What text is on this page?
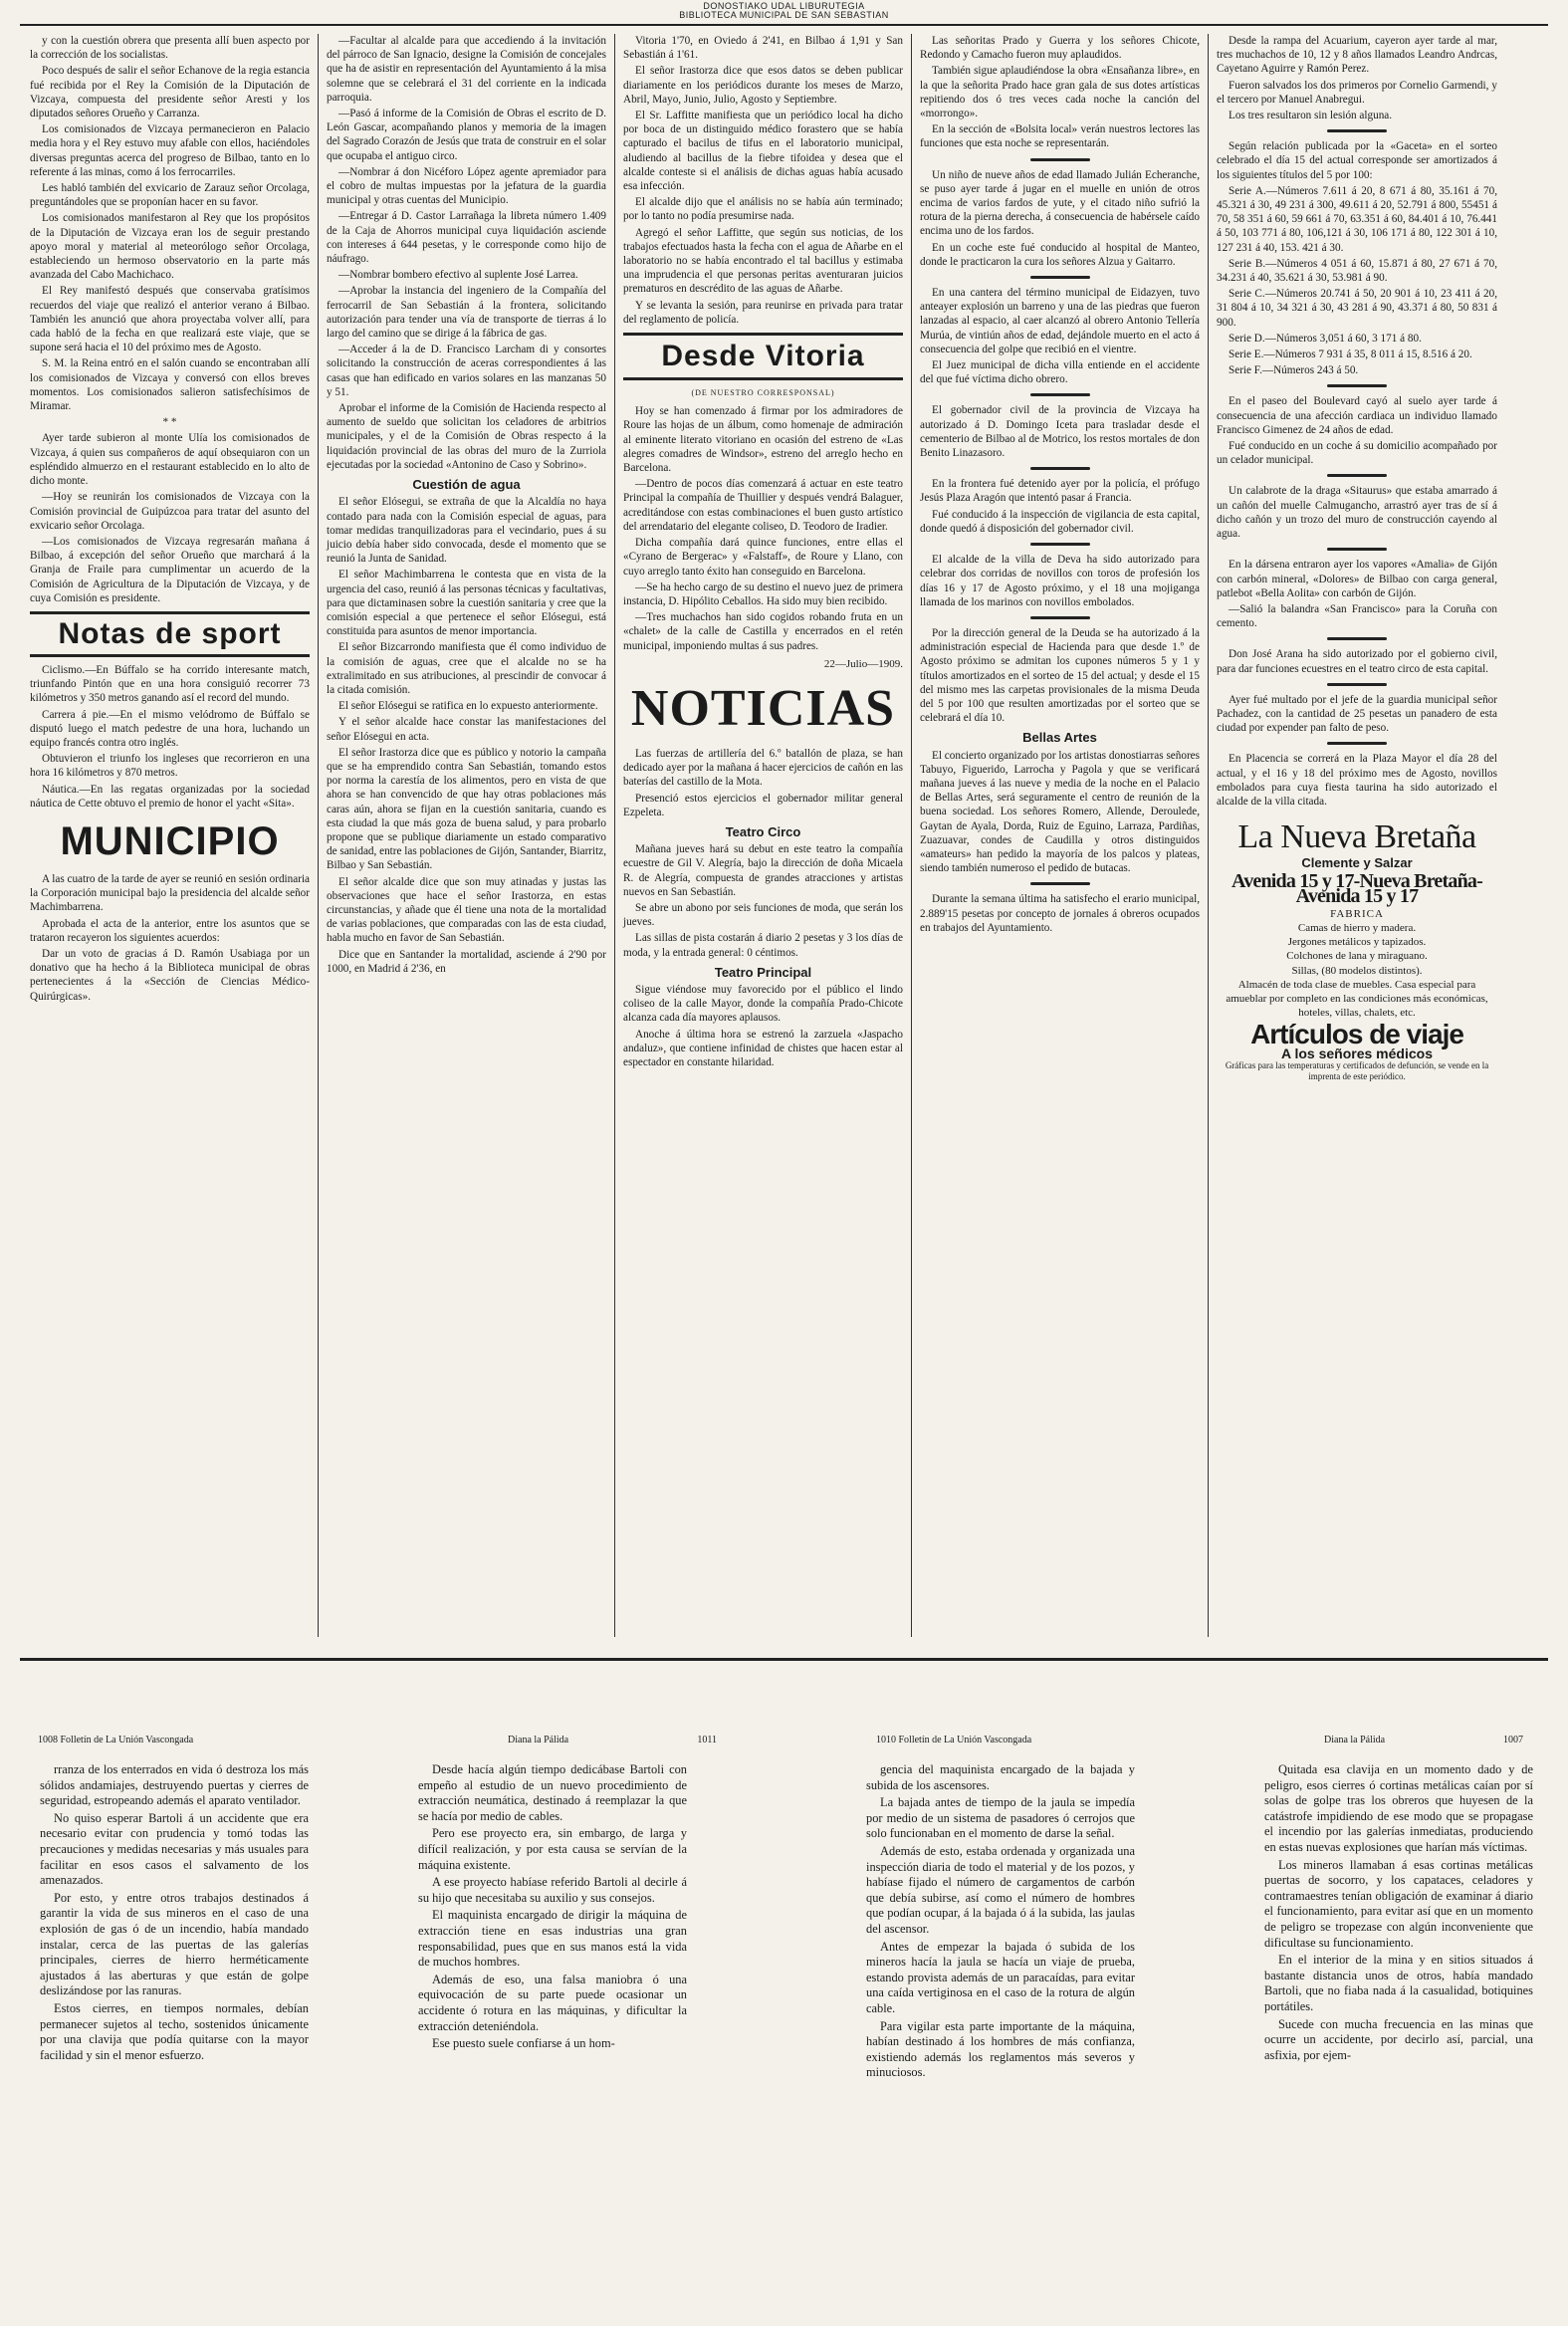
DONOSTIAKO UDAL LIBURUTEGIA
BIBLIOTECA MUNICIPAL DE SAN SEBASTIAN

y con la cuestión obrera que presenta allí buen aspecto por la corrección de los socialistas.

Poco después de salir el señor Echanove de la regia estancia fué recibida por el Rey la Comisión de la Diputación de Vizcaya, compuesta del presidente señor Aresti y los diputados señores Orueño y Carranza.

Los comisionados de Vizcaya permanecieron en Palacio media hora y el Rey estuvo muy afable con ellos, haciéndoles diversas preguntas acerca del progreso de Bilbao, tanto en lo referente á las minas, como á los ferrocarriles.

Les habló también del exvicario de Zarauz señor Orcolaga, preguntándoles que se proponían hacer en su favor.

Los comisionados manifestaron al Rey que los propósitos de la Diputación de Vizcaya eran los de seguir prestando apoyo moral y material al meteorólogo señor Orcolaga, estableciendo un hermoso observatorio en la parte más avanzada del Cabo Machichaco.

El Rey manifestó después que conservaba gratísimos recuerdos del viaje que realizó el anterior verano á Bilbao. También les anunció que ahora proyectaba volver allí, para cada habló de la fecha en que realizará este viaje, que se supone será hacia el 10 del próximo mes de Agosto.

S. M. la Reina entró en el salón cuando se encontraban allí los comisionados de Vizcaya y conversó con ellos breves momentos. Los comisionados salieron satisfechísimos de Miramar.

* *

Ayer tarde subieron al monte Ulía los comisionados de Vizcaya, á quien sus compañeros de aquí obsequiaron con un espléndido almuerzo en el restaurant establecido en lo alto de dicho monte.

—Hoy se reunirán los comisionados de Vizcaya con la Comisión provincial de Guipúzcoa para tratar del asunto del exvicario señor Orcolaga.

—Los comisionados de Vizcaya regresarán mañana á Bilbao, á excepción del señor Orueño que marchará á la Granja de Fraile para cumplimentar un acuerdo de la Comisión de Agricultura de la Diputación de Vizcaya, y de cuya Comisión es presidente.

Notas de sport

Ciclismo.—En Búffalo se ha corrido interesante match, triunfando Pintón que en una hora consiguió recorrer 73 kilómetros y 350 metros ganando así el record del mundo.

Carrera á pie.—En el mismo velódromo de Búffalo se disputó luego el match pedestre de una hora, luchando un equipo francés contra otro inglés.

Obtuvieron el triunfo los ingleses que recorrieron en una hora 16 kilómetros y 870 metros.

Náutica.—En las regatas organizadas por la sociedad náutica de Cette obtuvo el premio de honor el yacht «Sita».

MUNICIPIO

A las cuatro de la tarde de ayer se reunió en sesión ordinaria la Corporación municipal bajo la presidencia del alcalde señor Machimbarrena.

Aprobada el acta de la anterior, entre los asuntos que se trataron recayeron los siguientes acuerdos:

Dar un voto de gracias á D. Ramón Usabiaga por un donativo que ha hecho á la Biblioteca municipal de obras pertenecientes á la «Sección de Ciencias Médico-Quirúrgicas».

—Facultar al alcalde para que accediendo á la invitación del párroco de San Ignacio, designe la Comisión de concejales que ha de asistir en representación del Ayuntamiento á la misa solemne que se celebrará el 31 del corriente en la indicada parroquia.

—Pasó á informe de la Comisión de Obras el escrito de D. León Gascar, acompañando planos y memoria de la imagen del Sagrado Corazón de Jesús que trata de construir en el solar que ocupaba el antiguo circo.

—Nombrar á don Nicéforo López agente apremiador para el cobro de multas impuestas por la jefatura de la guardia municipal y otras cuentas del Municipio.

—Entregar á D. Castor Larrañaga la libreta número 1.409 de la Caja de Ahorros municipal cuya liquidación asciende con intereses á 644 pesetas, y le corresponde como hijo de náufrago.

—Nombrar bombero efectivo al suplente José Larrea.

—Aprobar la instancia del ingeniero de la Compañía del ferrocarril de San Sebastián á la frontera, solicitando autorización para tender una vía de transporte de tierras á lo largo del camino que se dirige á la fábrica de gas.

—Acceder á la de D. Francisco Larcham di y consortes solicitando la construcción de aceras correspondientes á las casas que han edificado en varios solares en las manzanas 50 y 51.

Aprobar el informe de la Comisión de Hacienda respecto al aumento de sueldo que solicitan los celadores de arbitrios municipales, y el de la Comisión de Obras respecto á la liquidación provincial de las obras del muro de la Zurriola ejecutadas por la sociedad «Antonino de Caso y Sobrino».

Cuestión de agua

El señor Elósegui, se extraña de que la Alcaldía no haya contado para nada con la Comisión especial de aguas, para tomar medidas tranquilizadoras para el vecindario, pues á su juicio debía haber sido convocada, desde el momento que se reunió la Junta de Sanidad.

El señor Machimbarrena le contesta que en vista de la urgencia del caso, reunió á las personas técnicas y facultativas, para que dictaminasen sobre la cuestión sanitaria y cree que la comisión especial a que pertenece el señor Elósegui, está constituida para asuntos de menor importancia.

El señor Bizcarrondo manifiesta que él como individuo de la comisión de aguas, cree que el alcalde no se ha extralimitado en sus atribuciones, al prescindir de convocar á la citada comisión.

El señor Elósegui se ratifica en lo expuesto anteriormente.

Y el señor alcalde hace constar las manifestaciones del señor Elósegui en acta.

El señor Irastorza dice que es público y notorio la campaña que se ha emprendido contra San Sebastián, tomando estos por norma la carestía de los alimentos, pero en vista de que ahora se han convencido de que hay otras poblaciones más caras aún, ahora se fijan en la cuestión sanitaria, cuando es esta ciudad la que más goza de buena salud, y para probarlo propone que se publique diariamente un estado comparativo de sanidad, entre las poblaciones de Gijón, Santander, Biarritz, Bilbao y San Sebastián.

El señor alcalde dice que son muy atinadas y justas las observaciones que hace el señor Irastorza, en estas circunstancias, y añade que él tiene una nota de la mortalidad de varias poblaciones, que comparadas con las de esta ciudad, habla mucho en favor de San Sebastián.

Dice que en Santander la mortalidad, asciende á 2'90 por 1000, en Madrid á 2'36, en

Vitoria 1'70, en Oviedo á 2'41, en Bilbao á 1,91 y San Sebastián á 1'61.

El señor Irastorza dice que esos datos se deben publicar diariamente en los periódicos durante los meses de Marzo, Abril, Mayo, Junio, Julio, Agosto y Septiembre.

El Sr. Laffitte manifiesta que un periódico local ha dicho por boca de un distinguido médico forastero que se había capturado el bacilus de tifus en el laboratorio municipal, aludiendo al bacillus de la fiebre tifoidea y desea que el alcalde conteste si el análisis de dichas aguas había acusado esa infección.

El alcalde dijo que el análisis no se había aún terminado; por lo tanto no podía presumirse nada.

Agregó el señor Laffitte, que según sus noticias, de los trabajos efectuados hasta la fecha con el agua de Añarbe en el laboratorio no se había encontrado el tal bacillus y estimaba una imprudencia el que personas peritas aventuraran juicios prematuros en descrédito de las aguas de Añarbe.

Y se levanta la sesión, para reunirse en privada para tratar del reglamento de policía.

Desde Vitoria
(DE NUESTRO CORRESPONSAL)

Hoy se han comenzado á firmar por los admiradores de Roure las hojas de un álbum, como homenaje de admiración al eminente literato vitoriano en ocasión del estreno de «Las alegres comadres de Windsor», estreno del arreglo hecho en Barcelona.

—Dentro de pocos días comenzará á actuar en este teatro Principal la compañía de Thuillier y después vendrá Balaguer, acreditándose con estas combinaciones el buen gusto artístico del arrendatario del elegante coliseo, D. Teodoro de Iradier.

Dicha compañía dará quince funciones, entre ellas el «Cyrano de Bergerac» y «Falstaff», de Roure y Llano, con cuyo arreglo tanto éxito han conseguido en Barcelona.

—Se ha hecho cargo de su destino el nuevo juez de primera instancia, D. Hipólito Ceballos. Ha sido muy bien recibido.

—Tres muchachos han sido cogidos robando fruta en un «chalet» de la calle de Castilla y encerrados en el retén municipal, imponiendo multas á sus padres.

22—Julio—1909.
NOTICIAS

Las fuerzas de artillería del 6.º batallón de plaza, se han dedicado ayer por la mañana á hacer ejercicios de cañón en las baterías del castillo de la Mota.

Presenció estos ejercicios el gobernador militar general Ezpeleta.

Teatro Circo

Mañana jueves hará su debut en este teatro la compañía ecuestre de Gil V. Alegría, bajo la dirección de doña Micaela R. de Alegría, compuesta de grandes atracciones y artistas nuevos en San Sebastián.

Se abre un abono por seis funciones de moda, que serán los jueves.

Las sillas de pista costarán á diario 2 pesetas y 3 los días de moda, y la entrada general: 0 céntimos.

Teatro Principal

Sigue viéndose muy favorecido por el público el lindo coliseo de la calle Mayor, donde la compañía Prado-Chicote alcanza cada día mayores aplausos.

Anoche á última hora se estrenó la zarzuela «Jaspacho andaluz», que contiene infinidad de chistes que hacen estar al espectador en constante hilaridad.

Las señoritas Prado y Guerra y los señores Chicote, Redondo y Camacho fueron muy aplaudidos.

También sigue aplaudiéndose la obra «Ensañanza libre», en la que la señorita Prado hace gran gala de sus dotes artísticas repitiendo dos ó tres veces cada noche la canción del «morrongo».

En la sección de «Bolsita local» verán nuestros lectores las funciones que esta noche se representarán.

Un niño de nueve años de edad llamado Julián Echeranche, se puso ayer tarde á jugar en el muelle en unión de otros encima de varios fardos de yute, y el citado niño sufrió la rotura de la pierna derecha, á consecuencia de habérsele caído encima uno de los fardos.

En un coche este fué conducido al hospital de Manteo, donde le practicaron la cura los señores Alzua y Gaitarro.

En una cantera del término municipal de Eidazyen, tuvo anteayer explosión un barreno y una de las piedras que fueron lanzadas al espacio, al caer alcanzó al obrero Antonio Tellería Murúa, de vintiún años de edad, dejándole muerto en el acto á consecuencia del golpe que recibió en el vientre.

El Juez municipal de dicha villa entiende en el accidente del que fué víctima dicho obrero.

El gobernador civil de la provincia de Vizcaya ha autorizado á D. Domingo Iceta para trasladar desde el cementerio de Bilbao al de Motrico, los restos mortales de don Benito Linazasoro.

En la frontera fué detenido ayer por la policía, el prófugo Jesús Plaza Aragón que intentó pasar á Francia.

Fué conducido á la inspección de vigilancia de esta capital, donde quedó á disposición del gobernador civil.

El alcalde de la villa de Deva ha sido autorizado para celebrar dos corridas de novillos con toros de profesión los días 16 y 17 de Agosto próximo, y el 18 una mojiganga llamada de los marinos con novillos embolados.

Por la dirección general de la Deuda se ha autorizado á la administración especial de Hacienda para que desde 1.º de Agosto próximo se admitan los cupones números 5 y 1 y títulos amortizados en el sorteo de 15 del actual; y desde el 15 del mismo mes las carpetas provisionales de la misma Deuda del 5 por 100 que resulten amortizadas por el sorteo que se celebrará el día 10.

Bellas Artes

El concierto organizado por los artistas donostiarras señores Tabuyo, Figuerido, Larrocha y Pagola y que se verificará mañana jueves á las nueve y media de la noche en el Palacio de Bellas Artes, será seguramente el centro de reunión de la buena sociedad. Los señores Romero, Allende, Deroulede, Gaytan de Ayala, Dorda, Ruiz de Eguino, Larraza, Pardiñas, Zuazuavar, condes de Caudilla y otros distinguidos «amateurs» han pedido la mayoría de los palcos y plateas, siendo también numeroso el pedido de butacas.

Durante la semana última ha satisfecho el erario municipal, 2.889'15 pesetas por concepto de jornales á obreros ocupados en trabajos del Ayuntamiento.

Desde la rampa del Acuarium, cayeron ayer tarde al mar, tres muchachos de 10, 12 y 8 años llamados Leandro Andrcas, Cayetano Aguirre y Ramón Perez.

Fueron salvados los dos primeros por Cornelio Garmendi, y el tercero por Manuel Anabregui.

Los tres resultaron sin lesión alguna.

Según relación publicada por la «Gaceta» en el sorteo celebrado el día 15 del actual corresponde ser amortizados á los siguientes títulos del 5 por 100:

Serie A.—Números 7.611 á 20, 8 671 á 80, 35.161 á 70, 45.321 á 30, 49 231 á 300, 49.611 á 20, 52.791 á 800, 55451 á 70, 58 351 á 60, 59 661 á 70, 63.351 á 60, 84.401 á 10, 76.441 á 50, 103 771 á 80, 106,121 á 30, 106 171 á 80, 122 301 á 10, 127 231 á 40, 153. 421 á 30.

Serie B.—Números 4 051 á 60, 15.871 á 80, 27 671 á 70, 34.231 á 40, 35.621 á 30, 53.981 á 90.

Serie C.—Números 20.741 á 50, 20 901 á 10, 23 411 á 20, 31 804 á 10, 34 321 á 30, 43 281 á 90, 43.371 á 80, 50 831 á 900.

Serie D.—Números 3,051 á 60, 3 171 á 80.

Serie E.—Números 7 931 á 35, 8 011 á 15, 8.516 á 20.

Serie F.—Números 243 á 50.

En el paseo del Boulevard cayó al suelo ayer tarde á consecuencia de una afección cardiaca un individuo llamado Francisco Gimenez de 24 años de edad.

Fué conducido en un coche á su domicilio acompañado por un celador municipal.

Un calabrote de la draga «Sitaurus» que estaba amarrado á un cañón del muelle Calmugancho, arrastró ayer tras de sí á dicho cañón y un trozo del muro de construcción cayendo al agua.

En la dársena entraron ayer los vapores «Amalia» de Gijón con carbón mineral, «Dolores» de Bilbao con carga general, patlebot «Bella Aolita» con carbón de Gijón.

—Salió la balandra «San Francisco» para la Coruña con cemento.

Don José Arana ha sido autorizado por el gobierno civil, para dar funciones ecuestres en el teatro circo de esta capital.

Ayer fué multado por el jefe de la guardia municipal señor Pachadez, con la cantidad de 25 pesetas un panadero de esta ciudad por expender pan falto de peso.

En Placencia se correrá en la Plaza Mayor el día 28 del actual, y el 16 y 18 del próximo mes de Agosto, novillos embolados para cuya fiesta taurina ha sido autorizado el alcalde de la villa citada.

La Nueva Bretaña
Clemente y Salzar
Avenida 15 y 17-Nueva Bretaña-Avenida 15 y 17
FABRICA
Camas de hierro y madera.
Jergones metálicos y tapizados.
Colchones de lana y miraguano.
Sillas, (80 modelos distintos).
Almacén de toda clase de muebles. Casa especial para amueblar por completo en las condiciones más económicas, hoteles, villas, chalets, etc.
Artículos de viaje
A los señores médicos
Gráficas para las temperaturas y certificados de defunción, se vende en la imprenta de este periódico.
1008 Folletín de La Unión Vascongada	Diana la Pálida	1011	1010 Folletín de La Unión Vascongada	Diana la Pálida	1007

rranza de los enterrados en vida ó destroza los más sólidos andamiajes, destruyendo puertas y cierres de seguridad, estropeando además el aparato ventilador.

No quiso esperar Bartoli á un accidente que era necesario evitar con prudencia y tomó todas las precauciones y medidas necesarias y más usuales para facilitar en esos casos el salvamento de los amenazados.

Por esto, y entre otros trabajos destinados á garantir la vida de sus mineros en el caso de una explosión de gas ó de un incendio, había mandado instalar, cerca de las puertas de las galerías principales, cierres de hierro herméticamente ajustados á las aberturas y que están de golpe deslizándose por las ranuras.

Estos cierres, en tiempos normales, debían permanecer sujetos al techo, sostenidos únicamente por una clavija que podía quitarse con la mayor facilidad y sin el menor esfuerzo.

Desde hacía algún tiempo dedicábase Bartoli con empeño al estudio de un nuevo procedimiento de extracción neumática, destinado á reemplazar la que se hacía por medio de cables.

Pero ese proyecto era, sin embargo, de larga y difícil realización, y por esta causa se servían de la máquina existente.

A ese proyecto habíase referido Bartoli al decirle á su hijo que necesitaba su auxilio y sus consejos.

El maquinista encargado de dirigir la máquina de extracción tiene en esas industrias una gran responsabilidad, pues que en sus manos está la vida de muchos hombres.

Además de eso, una falsa maniobra ó una equivocación de su parte puede ocasionar un accidente ó rotura en las máquinas, y dificultar la extracción deteniéndola.

Ese puesto suele confiarse á un hom-

gencia del maquinista encargado de la bajada y subida de los ascensores.

La bajada antes de tiempo de la jaula se impedía por medio de un sistema de pasadores ó cerrojos que solo funcionaban en el momento de darse la señal.

Además de esto, estaba ordenada y organizada una inspección diaria de todo el material y de los pozos, y habíase fijado el número de cargamentos de carbón que debía subirse, así como el número de hombres que podían ocupar, á la bajada ó á la subida, las jaulas del ascensor.

Antes de empezar la bajada ó subida de los mineros hacía la jaula se hacía un viaje de prueba, estando provista además de un paracaídas, para evitar una caída vertiginosa en el caso de la rotura de algún cable.

Para vigilar esta parte importante de la máquina, habían destinado á los hombres de más confianza, existiendo además los reglamentos más severos y minuciosos.

Quitada esa clavija en un momento dado y de peligro, esos cierres ó cortinas metálicas caían por sí solas de golpe tras los obreros que huyesen de la catástrofe impidiendo de ese modo que se propagase el incendio por las galerías inmediatas, produciendo en estas nuevas explosiones que harían más víctimas.

Los mineros llamaban á esas cortinas metálicas puertas de socorro, y los capataces, celadores y contramaestres tenían obligación de examinar á diario el funcionamiento, para evitar así que en un momento de peligro se tropezase con algún inconveniente que dificultase su funcionamiento.

En el interior de la mina y en sitios situados á bastante distancia unos de otros, había mandado Bartoli, que no fiaba nada á la casualidad, botiquines portátiles.

Sucede con mucha frecuencia en las minas que ocurre un accidente, por decirlo así, parcial, una asfixia, por ejem-
